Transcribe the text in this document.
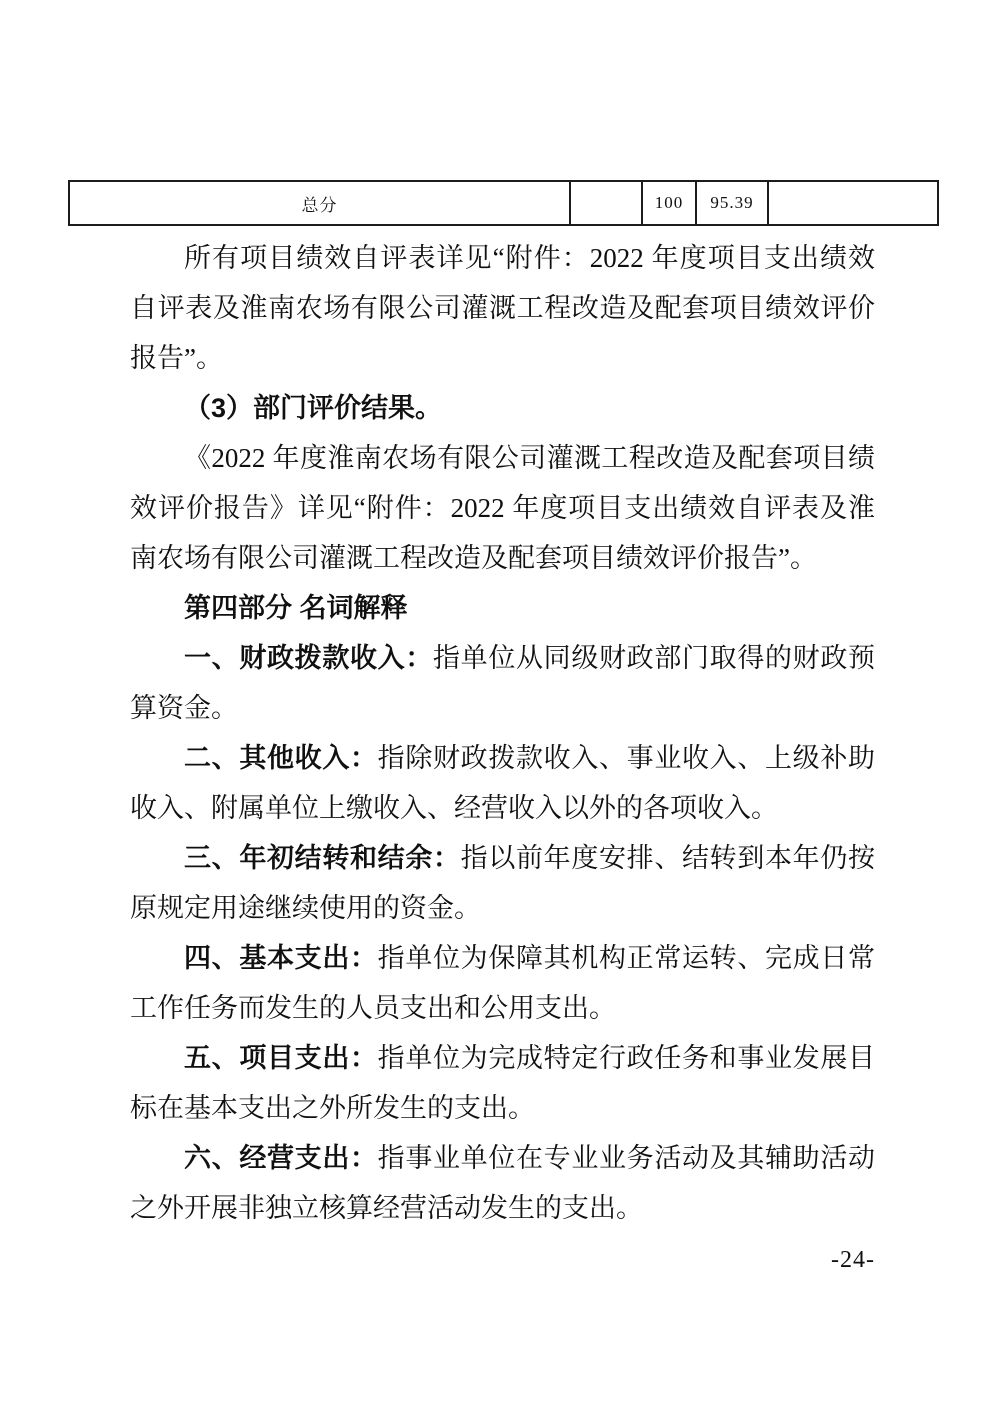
总分		100	95.39	

所有项目绩效自评表详见“附件：2022 年度项目支出绩效自评表及淮南农场有限公司灌溉工程改造及配套项目绩效评价报告”。

（3）部门评价结果。

《2022 年度淮南农场有限公司灌溉工程改造及配套项目绩效评价报告》详见“附件：2022 年度项目支出绩效自评表及淮南农场有限公司灌溉工程改造及配套项目绩效评价报告”。

第四部分 名词解释

一、财政拨款收入：指单位从同级财政部门取得的财政预算资金。

二、其他收入：指除财政拨款收入、事业收入、上级补助收入、附属单位上缴收入、经营收入以外的各项收入。

三、年初结转和结余：指以前年度安排、结转到本年仍按原规定用途继续使用的资金。

四、基本支出：指单位为保障其机构正常运转、完成日常工作任务而发生的人员支出和公用支出。

五、项目支出：指单位为完成特定行政任务和事业发展目标在基本支出之外所发生的支出。

六、经营支出：指事业单位在专业业务活动及其辅助活动之外开展非独立核算经营活动发生的支出。

-24-
